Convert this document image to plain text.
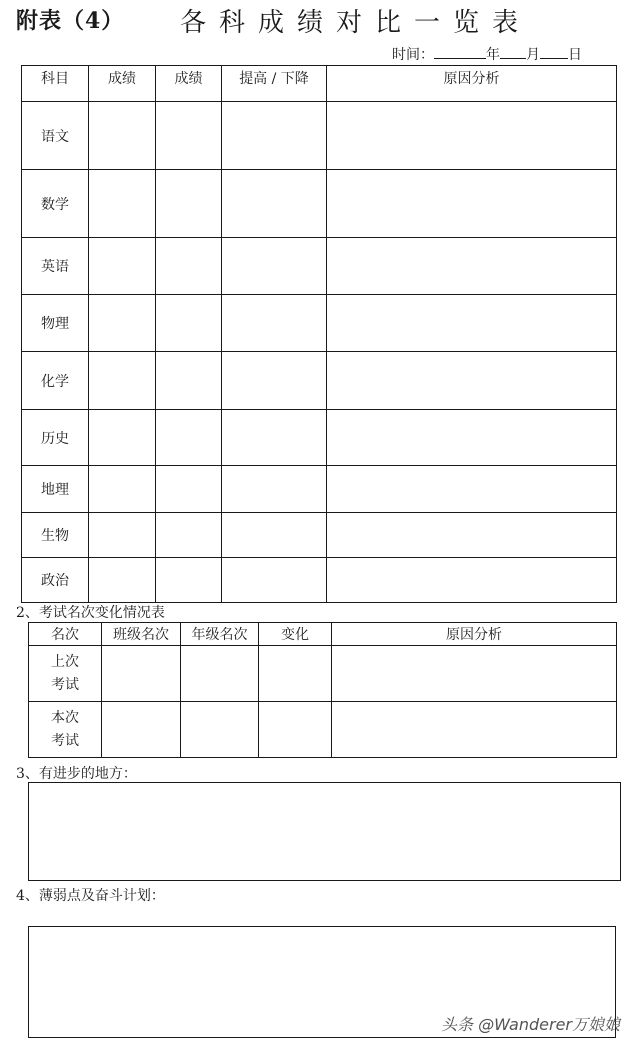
附表（4） 各科成绩对比一览表
时间：	年 月 日
科目	成绩	成绩	提高 / 下降	原因分析
语文				
数学				
英语				
物理				
化学				
历史				
地理				
生物				
政治				
2、考试名次变化情况表
名次	班级名次	年级名次	变化	原因分析

上次
考试				

本次
考试				

3、有进步的地方：
4、薄弱点及奋斗计划：
头条 @Wanderer万娘娘
